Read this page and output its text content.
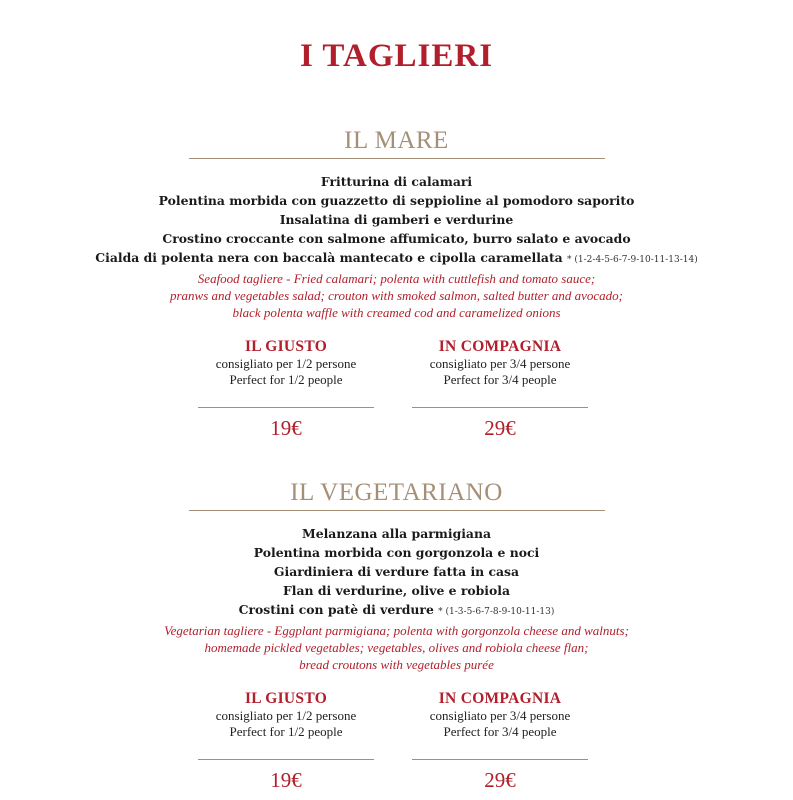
I TAGLIERI
IL MARE
Fritturina di calamari
Polentina morbida con guazzetto di seppioline al pomodoro saporito
Insalatina di gamberi e verdurine
Crostino croccante con salmone affumicato, burro salato e avocado
Cialda di polenta nera con baccalà mantecato e cipolla caramellata * (1-2-4-5-6-7-9-10-11-13-14)
Seafood tagliere - Fried calamari; polenta with cuttlefish and tomato sauce;
pranws and vegetables salad; crouton with smoked salmon, salted butter and avocado;
black polenta waffle with creamed cod and caramelized onions
IL GIUSTO
consigliato per 1/2 persone
Perfect for 1/2 people
19€
IN COMPAGNIA
consigliato per 3/4 persone
Perfect for 3/4 people
29€
IL VEGETARIANO
Melanzana alla parmigiana
Polentina morbida con gorgonzola e noci
Giardiniera di verdure fatta in casa
Flan di verdurine, olive e robiola
Crostini con patè di verdure * (1-3-5-6-7-8-9-10-11-13)
Vegetarian tagliere - Eggplant parmigiana; polenta with gorgonzola cheese and walnuts;
homemade pickled vegetables; vegetables, olives and robiola cheese flan;
bread croutons with vegetables purée
IL GIUSTO
consigliato per 1/2 persone
Perfect for 1/2 people
19€
IN COMPAGNIA
consigliato per 3/4 persone
Perfect for 3/4 people
29€
